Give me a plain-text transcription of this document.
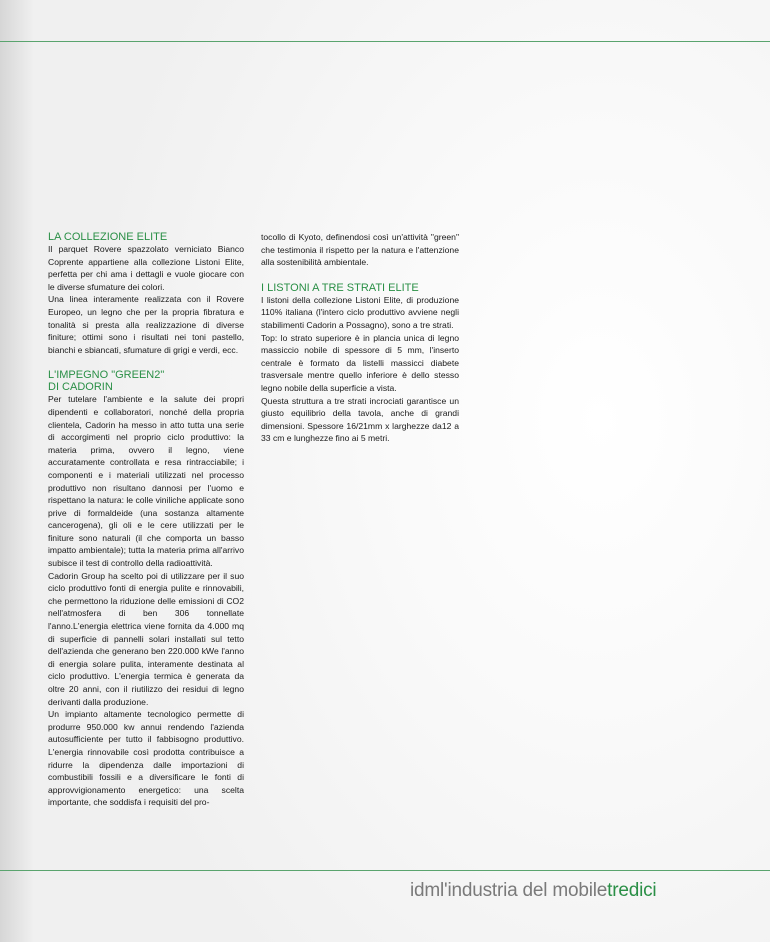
LA COLLEZIONE ELITE

Il parquet Rovere spazzolato verniciato Bianco Coprente appartiene alla collezione Listoni Elite, perfetta per chi ama i dettagli e vuole giocare con le diverse sfumature dei colori.

Una linea interamente realizzata con il Rovere Europeo, un legno che per la propria fibratura e tonalità si presta alla realizzazione di diverse finiture; ottimi sono i risultati nei toni pastello, bianchi e sbiancati, sfumature di grigi e verdi, ecc.

L'IMPEGNO "GREEN2"
DI CADORIN

Per tutelare l'ambiente e la salute dei propri dipendenti e collaboratori, nonché della propria clientela, Cadorin ha messo in atto tutta una serie di accorgimenti nel proprio ciclo produttivo: la materia prima, ovvero il legno, viene accuratamente controllata e resa rintracciabile; i componenti e i materiali utilizzati nel processo produttivo non risultano dannosi per l'uomo e rispettano la natura: le colle viniliche applicate sono prive di formaldeide (una sostanza altamente cancerogena), gli oli e le cere utilizzati per le finiture sono naturali (il che comporta un basso impatto ambientale); tutta la materia prima all'arrivo subisce il test di controllo della radioattività.

Cadorin Group ha scelto poi di utilizzare per il suo ciclo produttivo fonti di energia pulite e rinnovabili, che permettono la riduzione delle emissioni di CO2 nell'atmosfera di ben 306 tonnellate l'anno.L'energia elettrica viene fornita da 4.000 mq di superficie di pannelli solari installati sul tetto dell'azienda che generano ben 220.000 kWe l'anno di energia solare pulita, interamente destinata al ciclo produttivo. L'energia termica è generata da oltre 20 anni, con il riutilizzo dei residui di legno derivanti dalla produzione.

Un impianto altamente tecnologico permette di produrre 950.000 kw annui rendendo l'azienda autosufficiente per tutto il fabbisogno produttivo. L'energia rinnovabile così prodotta contribuisce a ridurre la dipendenza dalle importazioni di combustibili fossili e a diversificare le fonti di approvvigionamento energetico: una scelta importante, che soddisfa i requisiti del pro-

tocollo di Kyoto, definendosi così un'attività "green" che testimonia il rispetto per la natura e l'attenzione alla sostenibilità ambientale.

I LISTONI A TRE STRATI ELITE

I listoni della collezione Listoni Elite, di produzione 110% italiana (l'intero ciclo produttivo avviene negli stabilimenti Cadorin a Possagno), sono a tre strati.

Top: lo strato superiore è in plancia unica di legno massiccio nobile di spessore di 5 mm, l'inserto centrale è formato da listelli massicci diabete trasversale mentre quello inferiore è dello stesso legno nobile della superficie a vista.

Questa struttura a tre strati incrociati garantisce un giusto equilibrio della tavola, anche di grandi dimensioni. Spessore 16/21mm x larghezze da12 a 33 cm e lunghezze fino ai 5 metri.

idml'industria del mobiletredici
